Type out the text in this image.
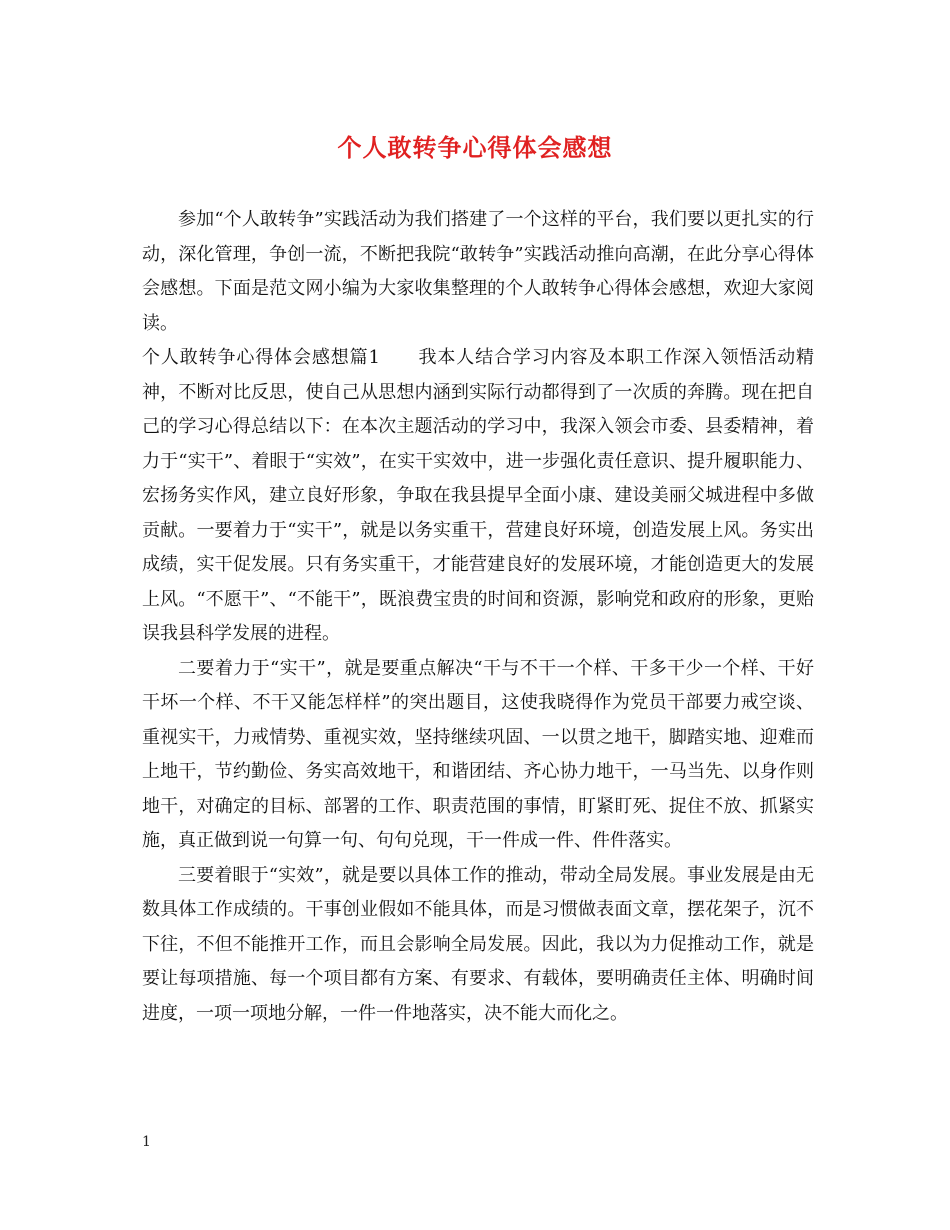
个人敢转争心得体会感想

参加“个人敢转争”实践活动为我们搭建了一个这样的平台，我们要以更扎实的行动，深化管理，争创一流，不断把我院“敢转争”实践活动推向高潮，在此分享心得体会感想。下面是范文网小编为大家收集整理的个人敢转争心得体会感想，欢迎大家阅读。

个人敢转争心得体会感想篇1　　我本人结合学习内容及本职工作深入领悟活动精神，不断对比反思，使自己从思想内涵到实际行动都得到了一次质的奔腾。现在把自己的学习心得总结以下：在本次主题活动的学习中，我深入领会市委、县委精神，着力于“实干”、着眼于“实效”，在实干实效中，进一步强化责任意识、提升履职能力、宏扬务实作风，建立良好形象，争取在我县提早全面小康、建设美丽父城进程中多做贡献。一要着力于“实干”，就是以务实重干，营建良好环境，创造发展上风。务实出成绩，实干促发展。只有务实重干，才能营建良好的发展环境，才能创造更大的发展上风。“不愿干”、“不能干”，既浪费宝贵的时间和资源，影响党和政府的形象，更贻误我县科学发展的进程。

二要着力于“实干”，就是要重点解决“干与不干一个样、干多干少一个样、干好干坏一个样、不干又能怎样样”的突出题目，这使我晓得作为党员干部要力戒空谈、重视实干，力戒情势、重视实效，坚持继续巩固、一以贯之地干，脚踏实地、迎难而上地干，节约勤俭、务实高效地干，和谐团结、齐心协力地干，一马当先、以身作则地干，对确定的目标、部署的工作、职责范围的事情，盯紧盯死、捉住不放、抓紧实施，真正做到说一句算一句、句句兑现，干一件成一件、件件落实。

三要着眼于“实效”，就是要以具体工作的推动，带动全局发展。事业发展是由无数具体工作成绩的。干事创业假如不能具体，而是习惯做表面文章，摆花架子，沉不下往，不但不能推开工作，而且会影响全局发展。因此，我以为力促推动工作，就是要让每项措施、每一个项目都有方案、有要求、有载体，要明确责任主体、明确时间进度，一项一项地分解，一件一件地落实，决不能大而化之。

1
